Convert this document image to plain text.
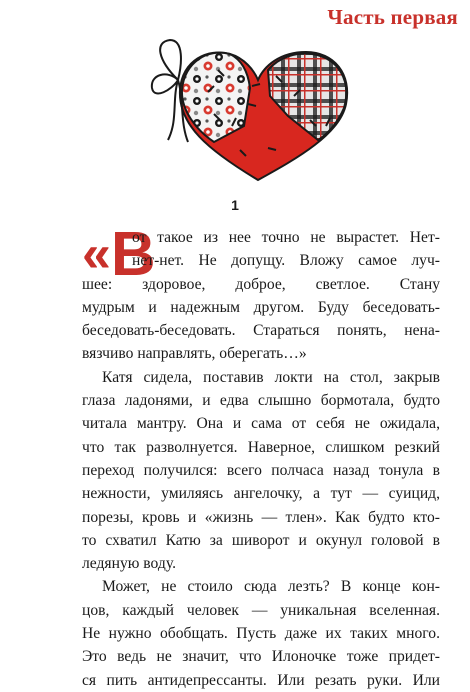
Часть первая
1
«В
от такое из нее точно не вырастет. Нет-
нет-нет. Не допущу. Вложу самое луч-
шее: здоровое, доброе, светлое. Стану
мудрым и надежным другом. Буду беседовать-
беседовать-беседовать. Стараться понять, нена-
вязчиво направлять, оберегать…»
Катя сидела, поставив локти на стол, закрыв
глаза ладонями, и едва слышно бормотала, будто
читала мантру. Она и сама от себя не ожидала,
что так разволнуется. Наверное, слишком резкий
переход получился: всего полчаса назад тонула в
нежности, умиляясь ангелочку, а тут — суицид,
порезы, кровь и «жизнь — тлен». Как будто кто-
то схватил Катю за шиворот и окунул головой в
ледяную воду.
Может, не стоило сюда лезть? В конце кон-
цов, каждый человек — уникальная вселенная.
Не нужно обобщать. Пусть даже их таких много.
Это ведь не значит, что Илоночке тоже придет-
ся пить антидепрессанты. Или резать руки. Или
